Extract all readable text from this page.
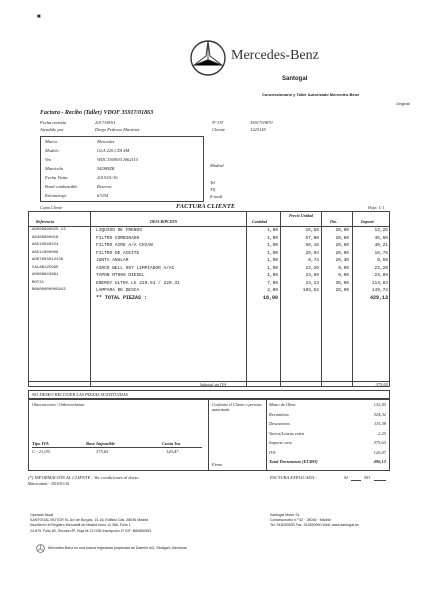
■
Mercedes-Benz
Santogal
Concessionario y Taller Autorizado Mercedes-Benz
Original
Factura - Recibo (Taller) VDOF 35917/01863
Fecha emisión	2017/08/01
Atendido por	Diego Pedroso Martinez
Nº OT	3591703870
Cliente	1225145
Marca	Mercedes
Modelo	GLA 220 CDI 4M
Vin	WDC1569031J062110
Matrícula	9428HZK
Fecha Visita	2015/01/16
Bond combustible	Reserva
Kilometraje	67254
Madrid
Tel
Tlf
E-mail
Copia Cliente	FACTURA CLIENTE	Hoja: 1/ 1
Referencia	DESCRIPCION	Cantidad
Precio Unidad
Dto.	Importe
A0009890025 13	LIQUIDO DE FRENOS	1,00	16,56	20,00	13,26
A6468800016	FILTRO COMBINADO	1,00	57,00	20,60	45,60
A6510940224	FILTRO AIRE A/A CHIAN	1,00	50,16	20,60	40,21
A6511800009	FILTRO DE ACEITE	1,00	20,94	20,00	16,75
A007603012136	JUNTA ANULAR	1,00	0,74	20,30	0,59
CALAB125995	AIRCO WELL 997 LIMPIADOR A/AC	1,00	23,20	0,00	23,20
A0008843961	TAPON MT908 DIESEL	1,00	23,89	0,00	23,89
MOT31	ENERGY ULTRA LG 229.51 / 220.31	7,00	23,23	30,00	113,83
B6600000005843	LAMPARA DE DESCA	2,00	165,52	20,00	149,74
** TOTAL PIEZAS :	16,00	429,13
Subtotal sin IVA	375,65
NO DESEO RECOGER LAS PIEZAS SUSTITUIDAS
Observaciones / Orden/reclamar	Conforme el Cliente o persona autorizada
Firma
Mano de Obra	132,45
Recambios	324,32
Descuentos	115,38
Varios/Lineas extra	2,25
Importe neto	375,65
IVA	120,47
Total Documento (EURO)	496,12
Tipo IVA	Base Imponible	Cuota Iva
C - 21,0%	375,65	120,47
(*) INFORMACIÓN AL CLIENTE : Ver condiciones al dorso
Matriculado - 2016/01/16
FACTURA EXPLICADA :	SI	NO
Operado fiscal
SANTOGAL MOTOR SL Av/ de Burgos, 14-16, Edificio Cial. 28036 Madrid
Inscrita en el Registro Mercantil de Madrid tomo 11.366, Folio 1
24.875, Folio 80, Sección 8ª, Hoja M-217295 Inscripción 1ª CIF: B80850553
Santogal Motor SL
Concesionario n.º 42 · 28036 · Madrid
Tel. 915053530 Fax. 913830900 Web: www.santogal.es
Mercedes-Benz es una marca registrada propiedad de Daimler AG, Stuttgart, Alemania
